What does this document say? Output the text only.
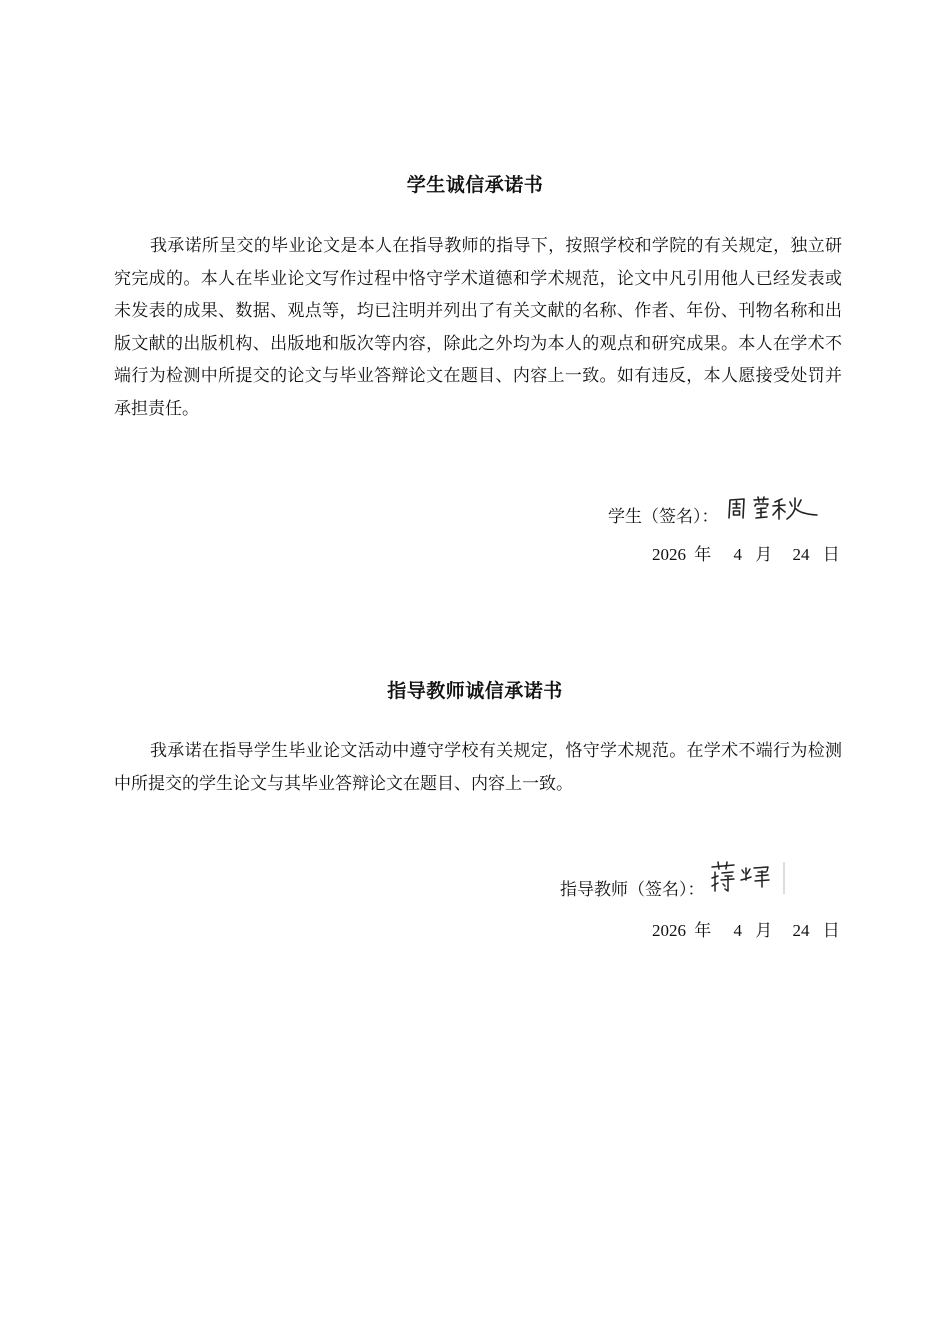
学生诚信承诺书

我承诺所呈交的毕业论文是本人在指导教师的指导下，按照学校和学院的有关规定，独立研究完成的。本人在毕业论文写作过程中恪守学术道德和学术规范，论文中凡引用他人已经发表或未发表的成果、数据、观点等，均已注明并列出了有关文献的名称、作者、年份、刊物名称和出版文献的出版机构、出版地和版次等内容，除此之外均为本人的观点和研究成果。本人在学术不端行为检测中所提交的论文与毕业答辩论文在题目、内容上一致。如有违反，本人愿接受处罚并承担责任。

学生（签名）：
2026 年 4 月 24 日
指导教师诚信承诺书

我承诺在指导学生毕业论文活动中遵守学校有关规定，恪守学术规范。在学术不端行为检测中所提交的学生论文与其毕业答辩论文在题目、内容上一致。

指导教师（签名）：
2026 年 4 月 24 日
